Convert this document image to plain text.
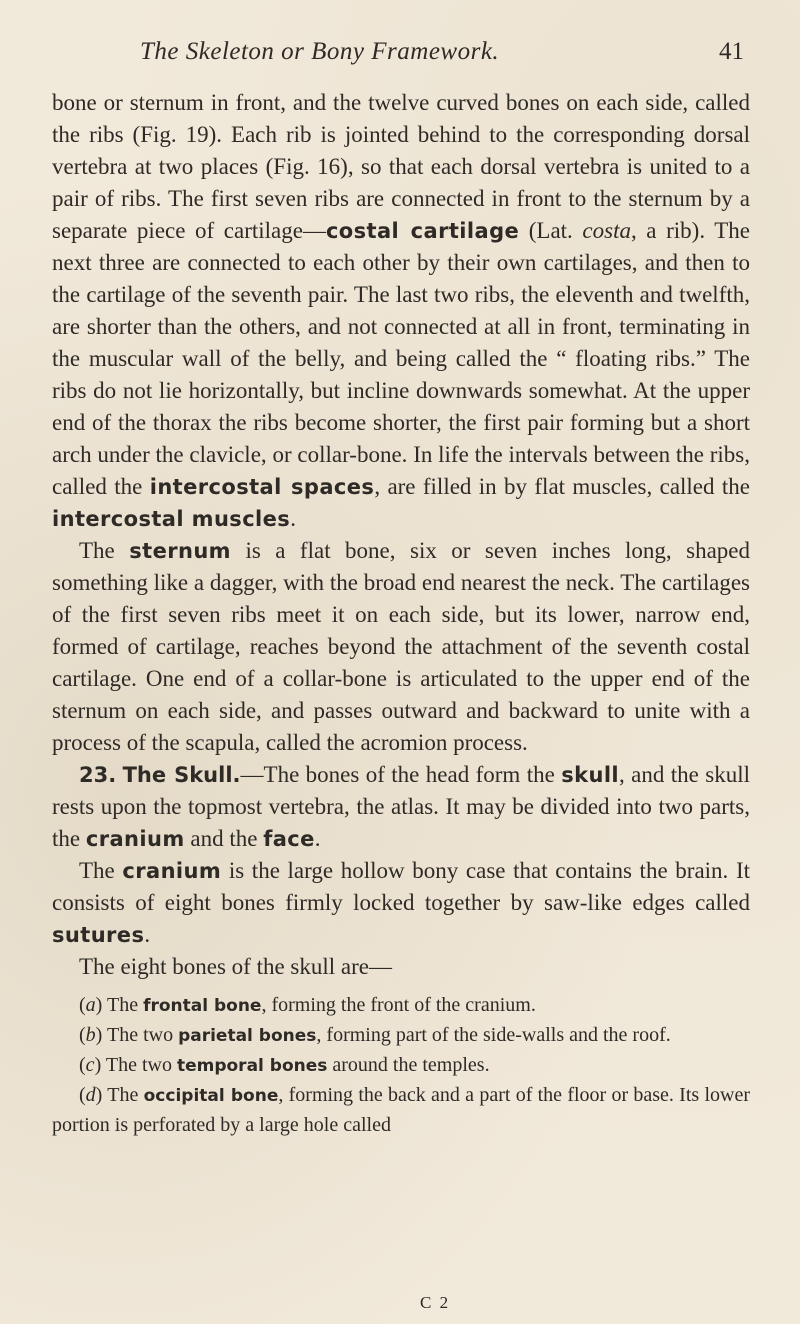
The Skeleton or Bony Framework.	41

bone or sternum in front, and the twelve curved bones on each side, called the ribs (Fig. 19). Each rib is jointed behind to the corresponding dorsal vertebra at two places (Fig. 16), so that each dorsal vertebra is united to a pair of ribs. The first seven ribs are connected in front to the sternum by a separate piece of cartilage—costal cartilage (Lat. costa, a rib). The next three are connected to each other by their own cartilages, and then to the cartilage of the seventh pair. The last two ribs, the eleventh and twelfth, are shorter than the others, and not connected at all in front, terminating in the muscular wall of the belly, and being called the “ floating ribs.” The ribs do not lie horizontally, but incline downwards somewhat. At the upper end of the thorax the ribs become shorter, the first pair forming but a short arch under the clavicle, or collar-bone. In life the intervals between the ribs, called the intercostal spaces, are filled in by flat muscles, called the intercostal muscles.

The sternum is a flat bone, six or seven inches long, shaped something like a dagger, with the broad end nearest the neck. The cartilages of the first seven ribs meet it on each side, but its lower, narrow end, formed of cartilage, reaches beyond the attachment of the seventh costal cartilage. One end of a collar-bone is articulated to the upper end of the sternum on each side, and passes outward and backward to unite with a process of the scapula, called the acromion process.

23. The Skull.—The bones of the head form the skull, and the skull rests upon the topmost vertebra, the atlas. It may be divided into two parts, the cranium and the face.

The cranium is the large hollow bony case that contains the brain. It consists of eight bones firmly locked together by saw-like edges called sutures.

The eight bones of the skull are—

(a) The frontal bone, forming the front of the cranium.

(b) The two parietal bones, forming part of the side-walls and the roof.

(c) The two temporal bones around the temples.

(d) The occipital bone, forming the back and a part of the floor or base. Its lower portion is perforated by a large hole called

C 2
